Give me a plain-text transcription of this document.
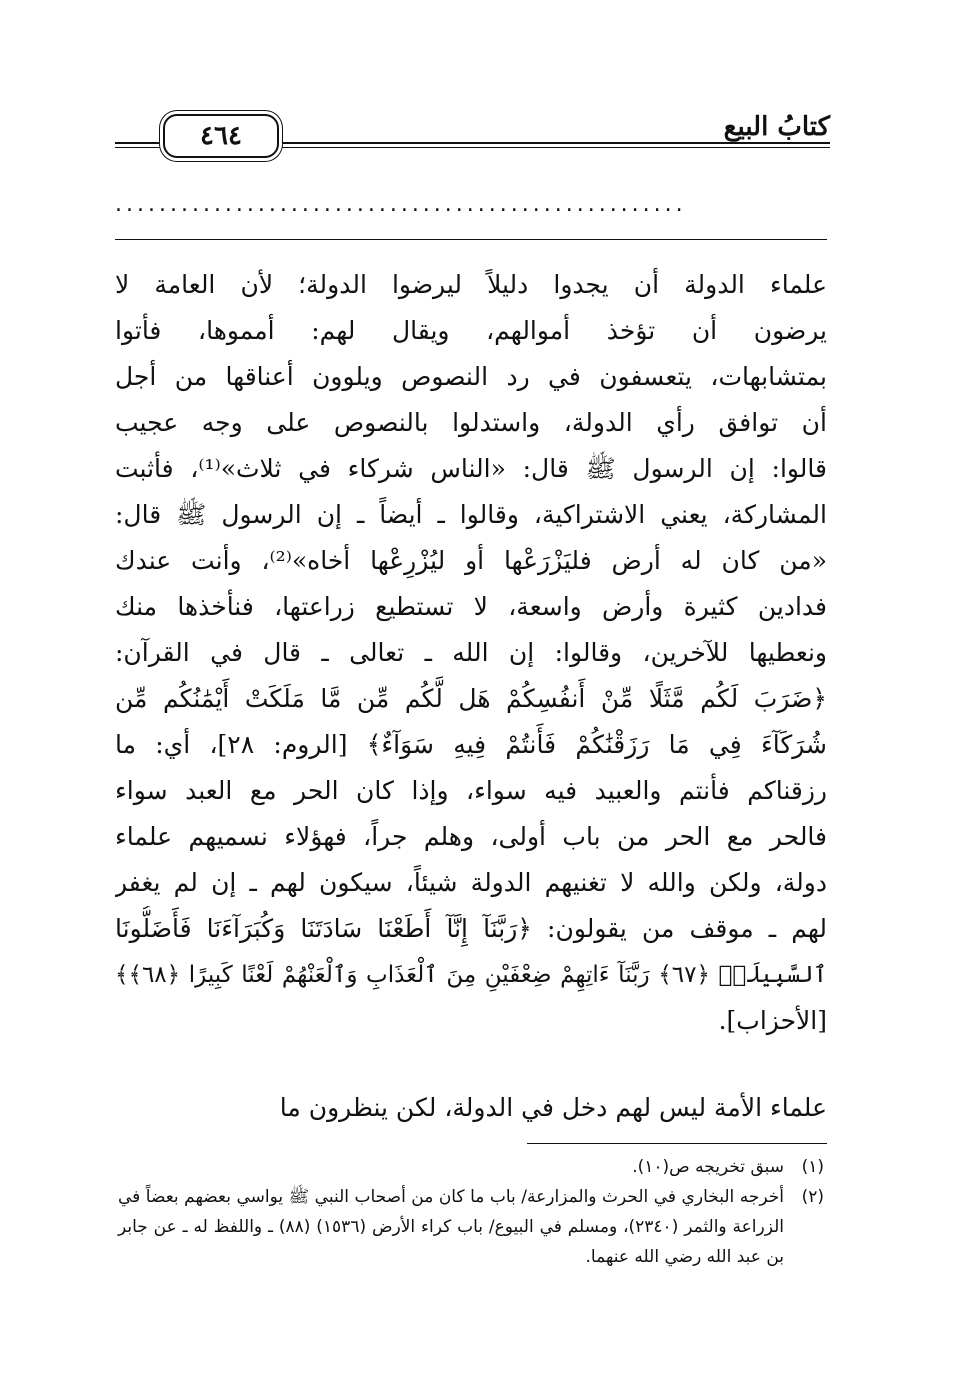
كتابُ البيع
٤٦٤
....................................................
علماء الدولة أن يجدوا دليلاً ليرضوا الدولة؛ لأن العامة لا
يرضون أن تؤخذ أموالهم، ويقال لهم: أمموها، فأتوا
بمتشابهات، يتعسفون في رد النصوص ويلوون أعناقها من أجل
أن توافق رأي الدولة، واستدلوا بالنصوص على وجه عجيب
قالوا: إن الرسول ﷺ قال: «الناس شركاء في ثلاث»⁽¹⁾، فأثبت
المشاركة، يعني الاشتراكية، وقالوا ـ أيضاً ـ إن الرسول ﷺ قال:
«من كان له أرض فليَزْرَعْها أو ليُزْرِعْها أخاه»⁽²⁾، وأنت عندك
فدادين كثيرة وأرض واسعة، لا تستطيع زراعتها، فنأخذها منك
ونعطيها للآخرين، وقالوا: إن الله ـ تعالى ـ قال في القرآن:
﴿ضَرَبَ لَكُم مَّثَلًا مِّنْ أَنفُسِكُمْ هَل لَّكُم مِّن مَّا مَلَكَتْ أَيْمَٰنُكُم مِّن
شُرَكَآءَ فِي مَا رَزَقْنَٰكُمْ فَأَنتُمْ فِيهِ سَوَآءٌ﴾ [الروم: ٢٨]، أي: ما
رزقناكم فأنتم والعبيد فيه سواء، وإذا كان الحر مع العبد سواء
فالحر مع الحر من باب أولى، وهلم جراً، فهؤلاء نسميهم علماء
دولة، ولكن والله لا تغنيهم الدولة شيئاً، سيكون لهم ـ إن لم يغفر
لهم ـ موقف من يقولون: ﴿رَبَّنَآ إِنَّآ أَطَعْنَا سَادَتَنَا وَكُبَرَآءَنَا فَأَضَلُّونَا
ٱلسَّبِيلَا۠ ﴿٦٧﴾ رَبَّنَآ ءَاتِهِمْ ضِعْفَيْنِ مِنَ ٱلْعَذَابِ وَٱلْعَنْهُمْ لَعْنًا كَبِيرًا ﴿٦٨﴾﴾
[الأحزاب].
علماء الأمة ليس لهم دخل في الدولة، لكن ينظرون ما
(١)
سبق تخريجه ص(١٠).
(٢)
أخرجه البخاري في الحرث والمزارعة/ باب ما كان من أصحاب النبي ﷺ يواسي بعضهم بعضاً في الزراعة والثمر (٢٣٤٠)، ومسلم في البيوع/ باب كراء الأرض (١٥٣٦) (٨٨) ـ واللفظ له ـ عن جابر بن عبد الله رضي الله عنهما.
